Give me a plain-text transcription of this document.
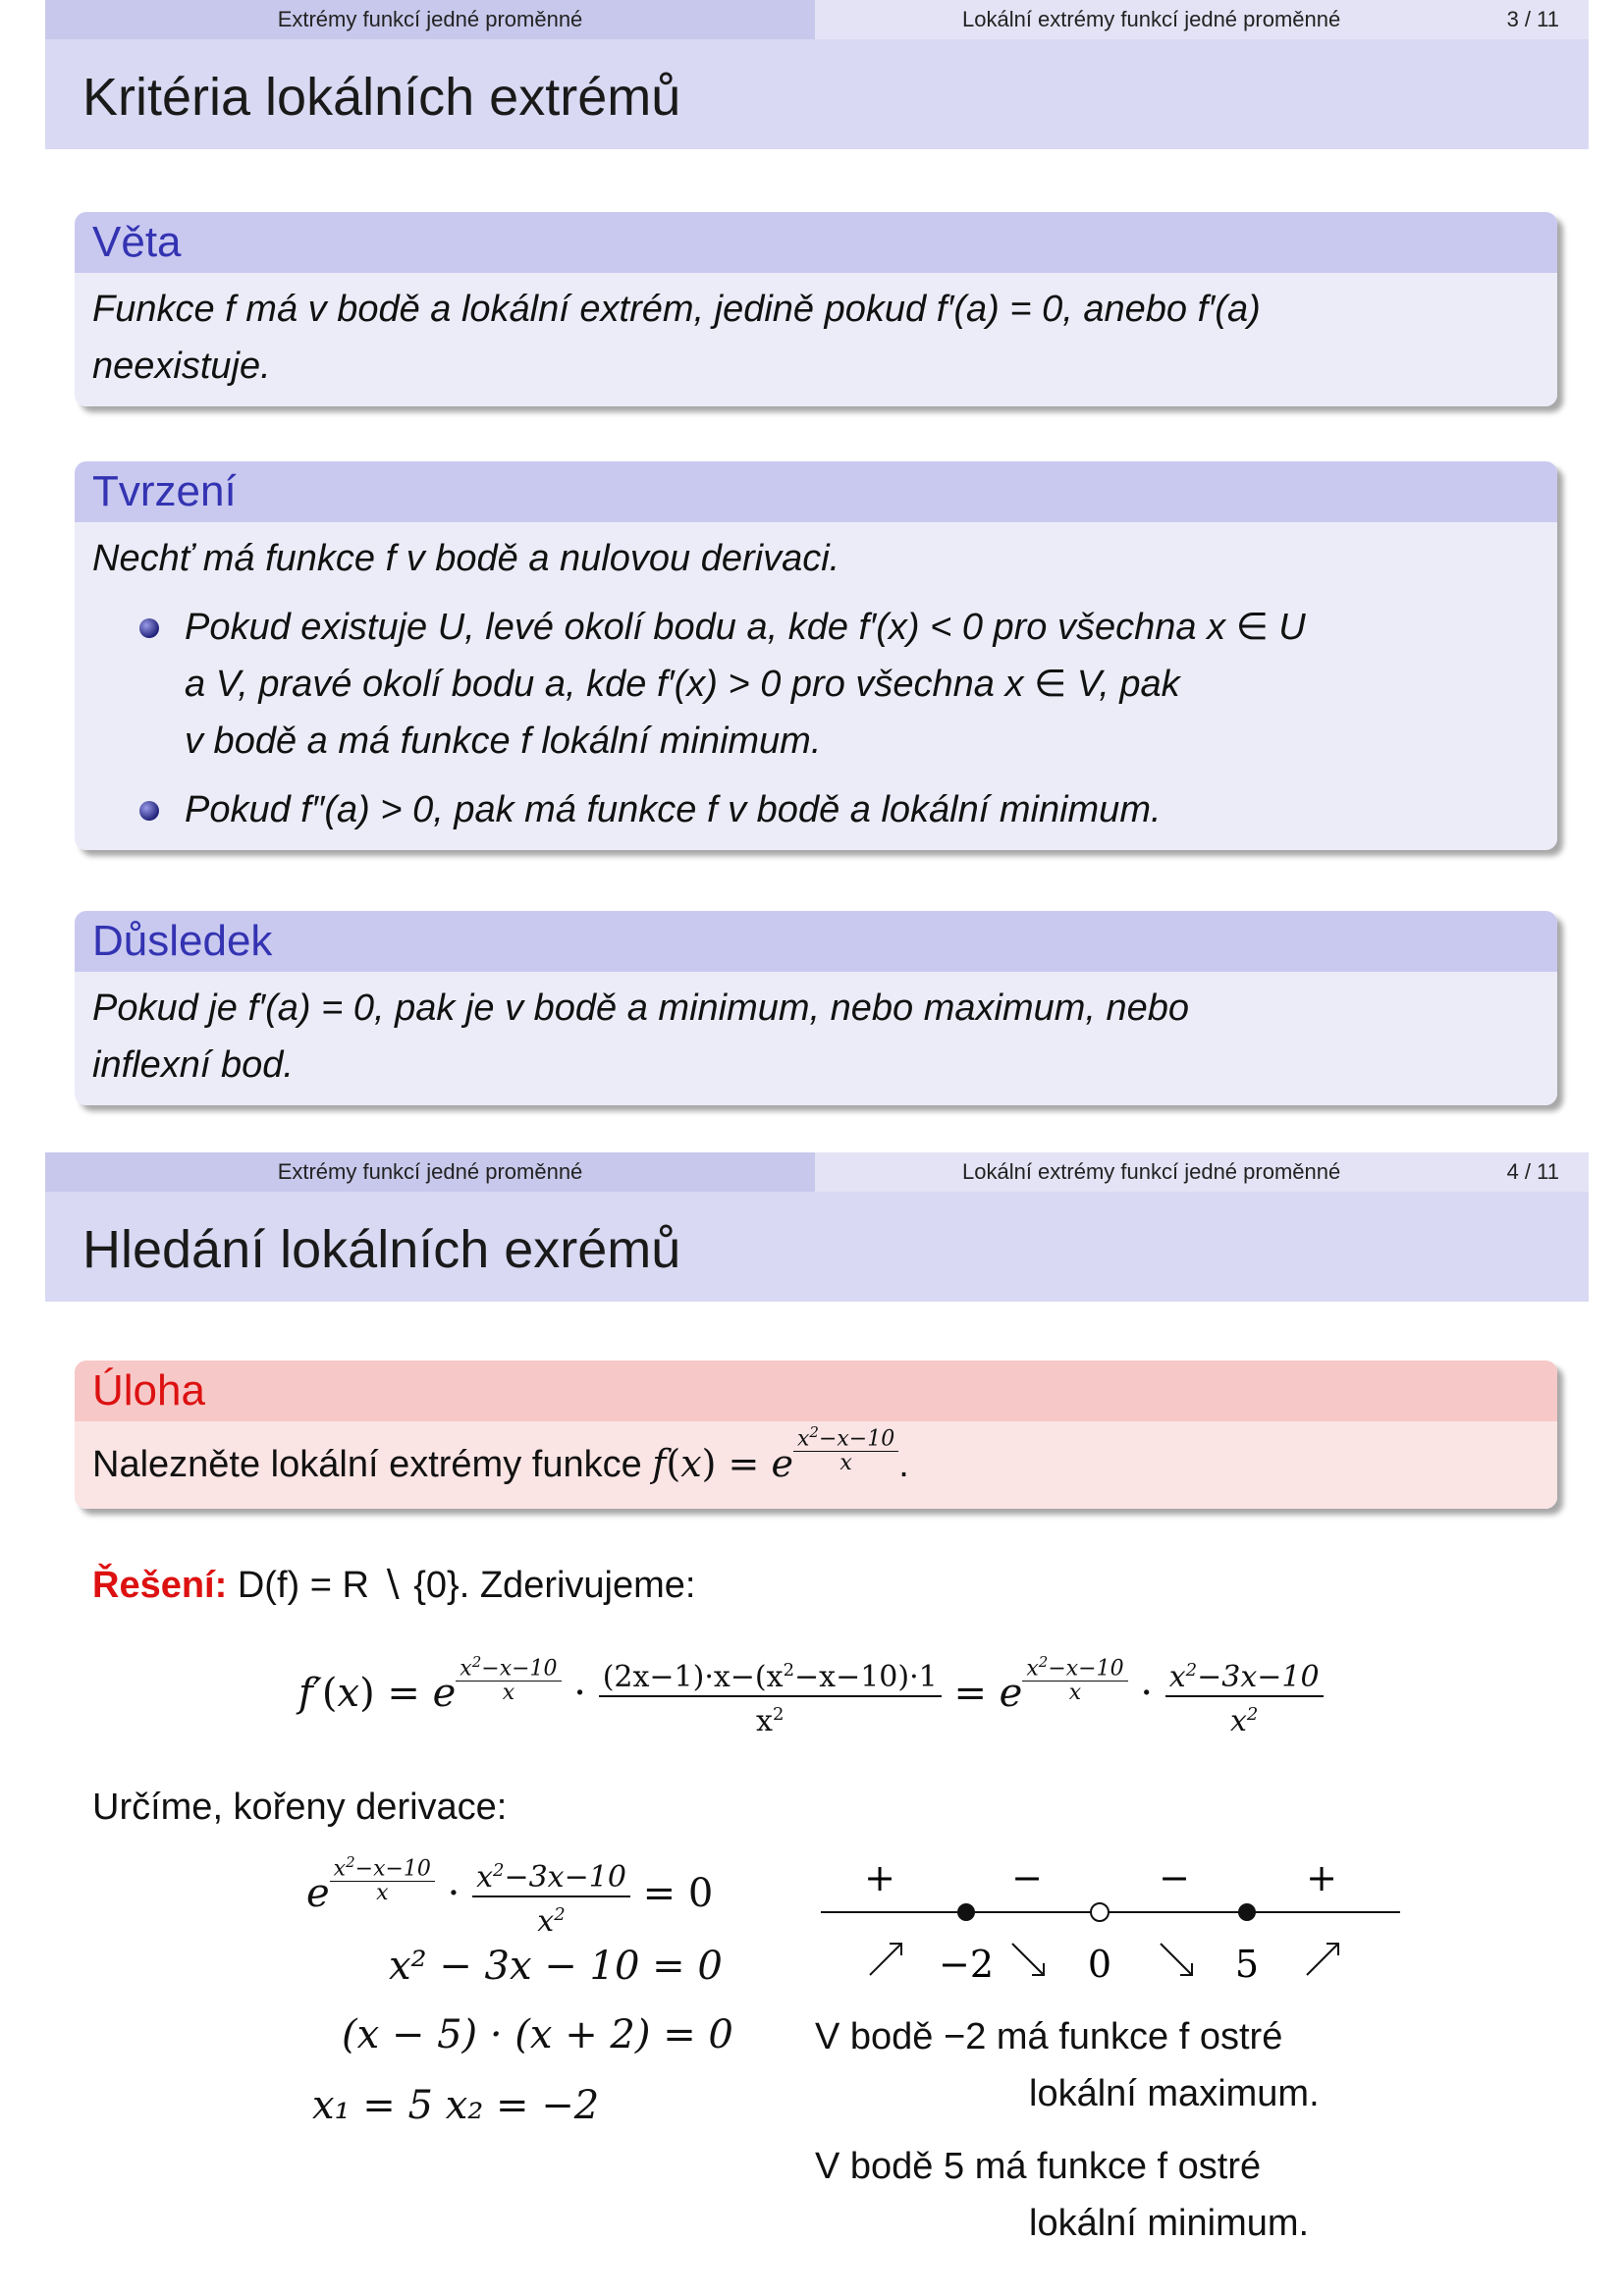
Extrémy funkcí jedné proměnné	Lokální extrémy funkcí jedné proměnné	3 / 11
Kritéria lokálních extrémů
Věta
Funkce f má v bodě a lokální extrém, jedině pokud f′(a) = 0, anebo f′(a)
neexistuje.
Tvrzení
Nechť má funkce f v bodě a nulovou derivaci.
Pokud existuje U, levé okolí bodu a, kde f′(x) < 0 pro všechna x ∈ U
a V, pravé okolí bodu a, kde f′(x) > 0 pro všechna x ∈ V, pak
v bodě a má funkce f lokální minimum.
Pokud f″(a) > 0, pak má funkce f v bodě a lokální minimum.
Důsledek
Pokud je f′(a) = 0, pak je v bodě a minimum, nebo maximum, nebo
inflexní bod.
Extrémy funkcí jedné proměnné	Lokální extrémy funkcí jedné proměnné	4 / 11
Hledání lokálních exrémů
Úloha
Nalezněte lokální extrémy funkce f(x) = e $^{\frac{x^2-x-10}{x}}$ .
Řešení: D(f) = R ∖ {0}. Zderivujeme:
f′(x) = e $^{\frac{x^2-x-10}{x}} \cdot \frac{(2x-1)\cdot x-(x^2-x-10)\cdot 1}{x^2} = e$ $^{\frac{x^2-x-10}{x}} \cdot \frac{x^2-3x-10}{x^2}$
Určíme, kořeny derivace:
e $^{\frac{x^2-x-10}{x}} \cdot \frac{x^2-3x-10}{x^2} = 0$
x² − 3x − 10 = 0
(x − 5) · (x + 2) = 0
x₁ = 5 x₂ = −2
+	−	−	+
−2	0	5
V bodě −2 má funkce f ostré
lokální maximum.
V bodě 5 má funkce f ostré
lokální minimum.
